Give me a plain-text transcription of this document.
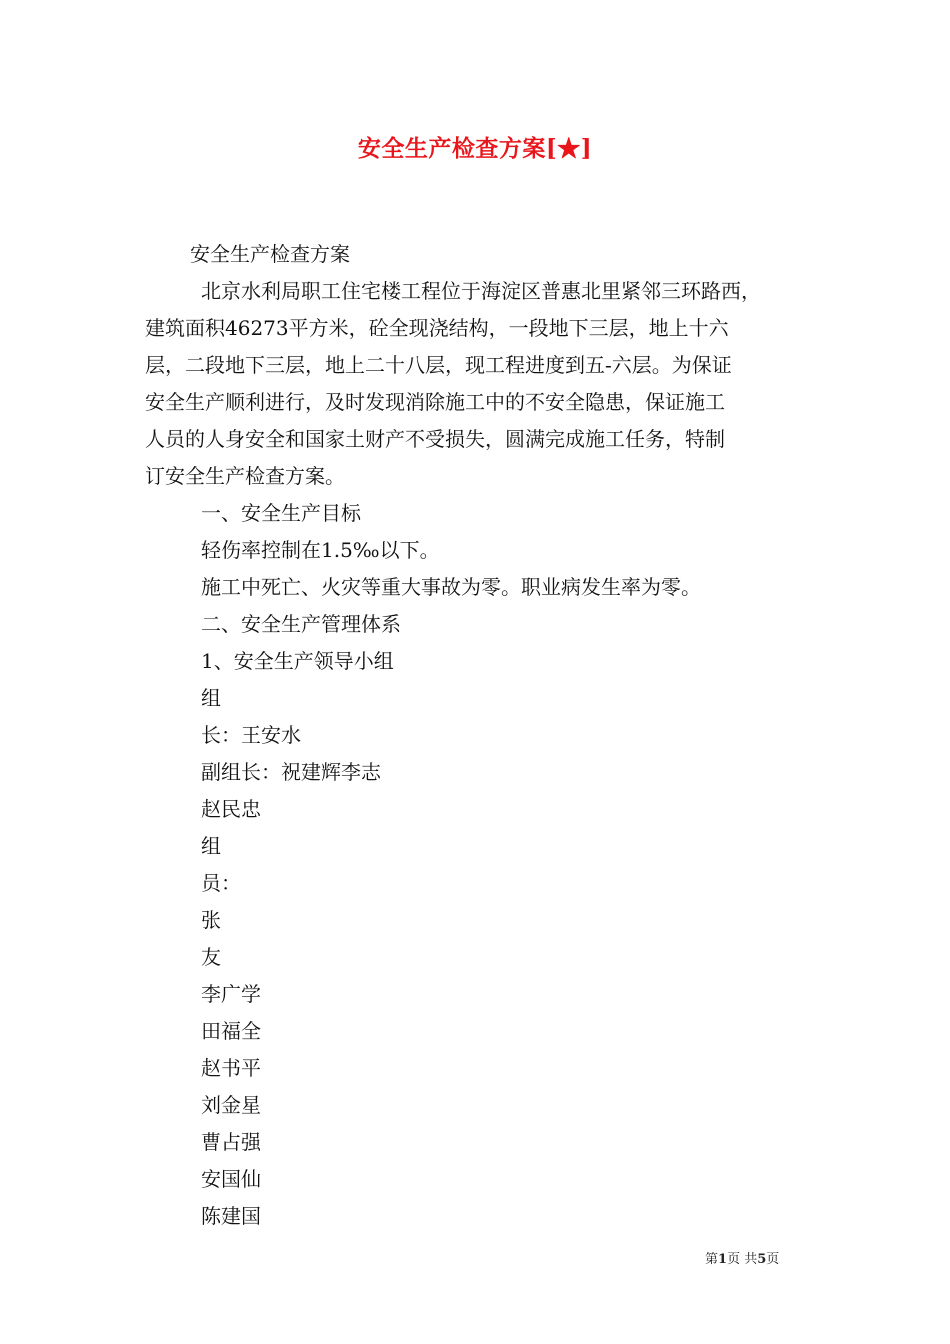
安全生产检查方案[★]
安全生产检查方案
北京水利局职工住宅楼工程位于海淀区普惠北里紧邻三环路西，
建筑面积46273平方米，砼全现浇结构，一段地下三层，地上十六
层，二段地下三层，地上二十八层，现工程进度到五-六层。为保证
安全生产顺利进行，及时发现消除施工中的不安全隐患，保证施工
人员的人身安全和国家土财产不受损失，圆满完成施工任务，特制
订安全生产检查方案。
一、安全生产目标
轻伤率控制在1.5‰以下。
施工中死亡、火灾等重大事故为零。职业病发生率为零。
二、安全生产管理体系
1、安全生产领导小组
组
长：王安水
副组长：祝建辉李志
赵民忠
组
员：
张
友
李广学
田福全
赵书平
刘金星
曹占强
安国仙
陈建国
第1页 共5页
